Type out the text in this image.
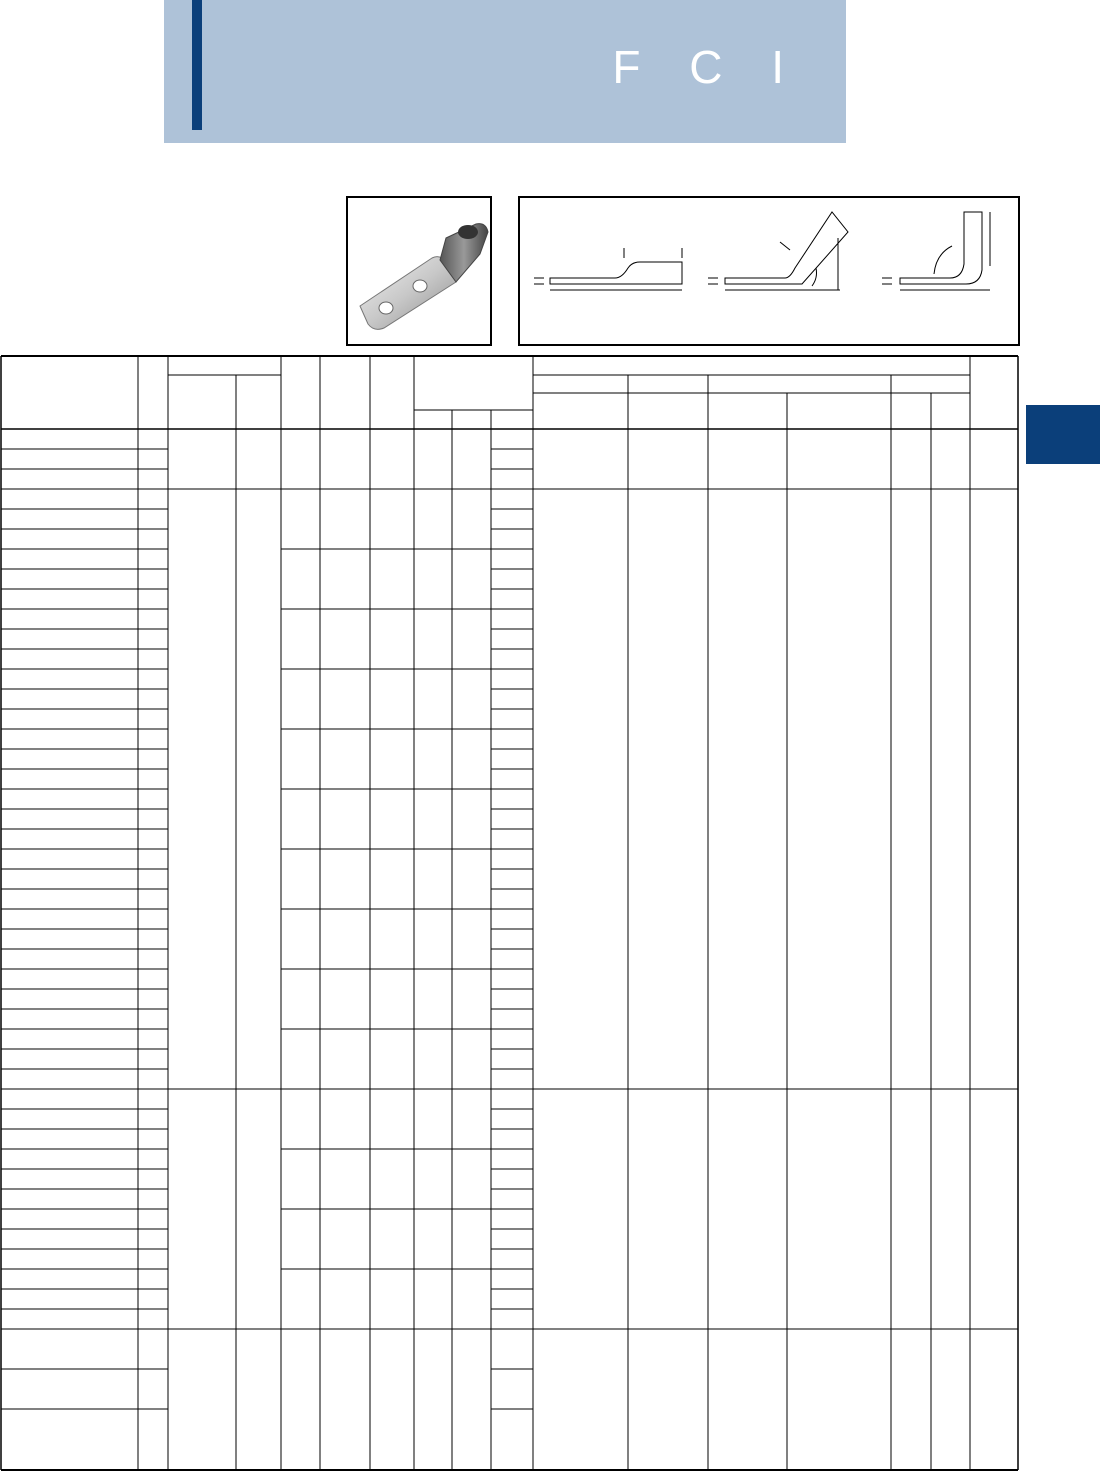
F C I
